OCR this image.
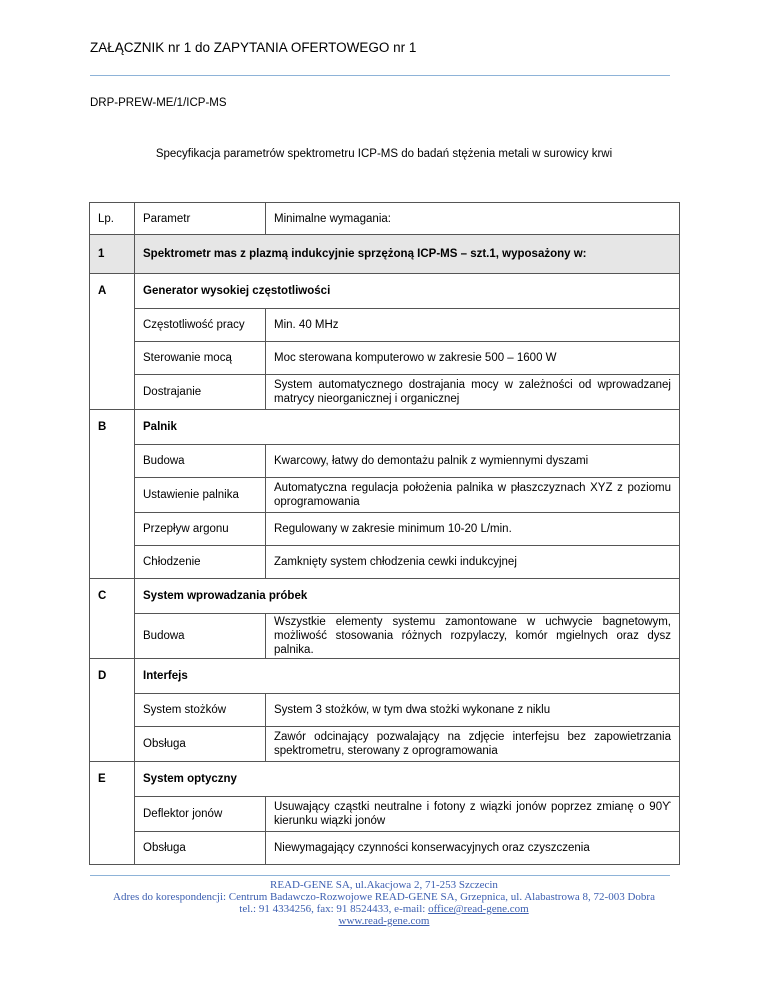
ZAŁĄCZNIK nr 1 do ZAPYTANIA OFERTOWEGO nr 1
DRP-PREW-ME/1/ICP-MS
Specyfikacja parametrów spektrometru ICP-MS do badań stężenia metali w surowicy krwi
Lp.	Parametr	Minimalne wymagania:
1	Spektrometr mas z plazmą indukcyjnie sprzężoną ICP-MS – szt.1, wyposażony w:	
A	Generator wysokiej częstotliwości	
	Częstotliwość pracy	Min. 40 MHz
	Sterowanie mocą	Moc sterowana komputerowo w zakresie 500 – 1600 W
	Dostrajanie	System automatycznego dostrajania mocy w zależności od wprowadzanej matrycy nieorganicznej i organicznej
B	Palnik	
	Budowa	Kwarcowy, łatwy do demontażu palnik z wymiennymi dyszami
	Ustawienie palnika	Automatyczna regulacja położenia palnika w płaszczyznach XYZ z poziomu oprogramowania
	Przepływ argonu	Regulowany w zakresie minimum 10-20 L/min.
	Chłodzenie	Zamknięty system chłodzenia cewki indukcyjnej
C	System wprowadzania próbek	
	Budowa	Wszystkie elementy systemu zamontowane w uchwycie bagnetowym, możliwość stosowania różnych rozpylaczy, komór mgielnych oraz dysz palnika.
D	Interfejs	
	System stożków	System 3 stożków, w tym dwa stożki wykonane z niklu
	Obsługa	Zawór odcinający pozwalający na zdjęcie interfejsu bez zapowietrzania spektrometru, sterowany z oprogramowania
E	System optyczny	
	Deflektor jonów	Usuwający cząstki neutralne i fotony z wiązki jonów poprzez zmianę o 90ϒ kierunku wiązki jonów
	Obsługa	Niewymagający czynności konserwacyjnych oraz czyszczenia
READ-GENE SA, ul.Akacjowa 2, 71-253 Szczecin
Adres do korespondencji: Centrum Badawczo-Rozwojowe READ-GENE SA, Grzepnica, ul. Alabastrowa 8, 72-003 Dobra
tel.: 91 4334256, fax: 91 8524433, e-mail: office@read-gene.com
www.read-gene.com
